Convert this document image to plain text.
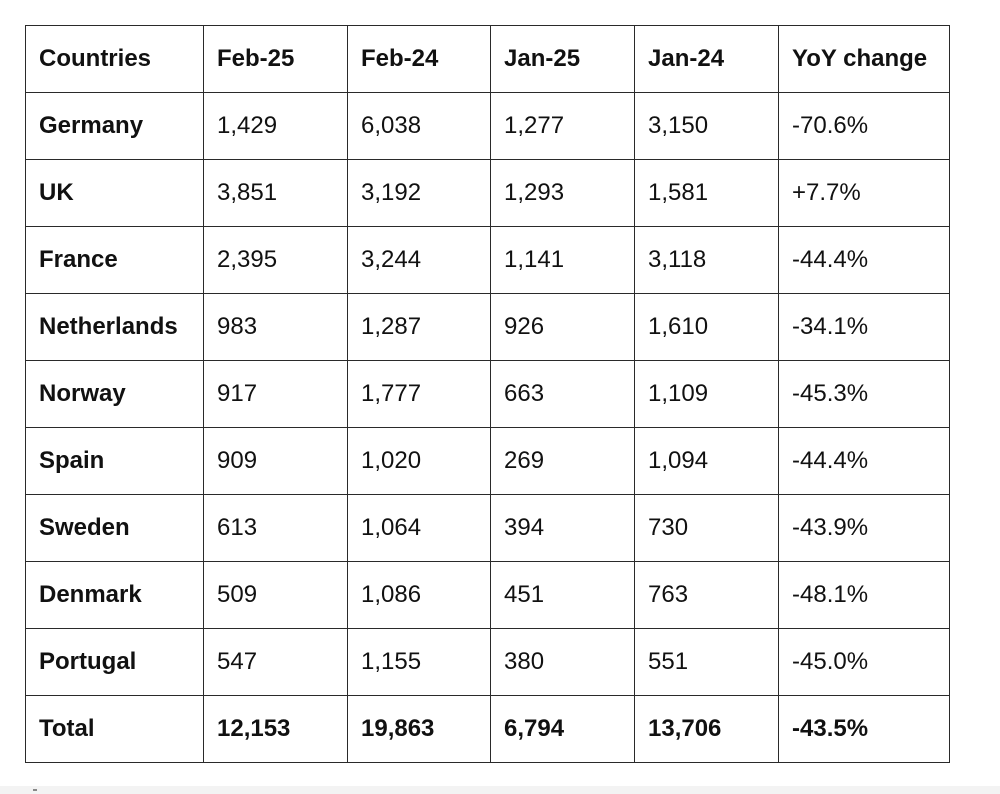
Countries	Feb-25	Feb-24	Jan-25	Jan-24	YoY change
Germany	1,429	6,038	1,277	3,150	-70.6%
UK	3,851	3,192	1,293	1,581	+7.7%
France	2,395	3,244	1,141	3,118	-44.4%
Netherlands	983	1,287	926	1,610	-34.1%
Norway	917	1,777	663	1,109	-45.3%
Spain	909	1,020	269	1,094	-44.4%
Sweden	613	1,064	394	730	-43.9%
Denmark	509	1,086	451	763	-48.1%
Portugal	547	1,155	380	551	-45.0%
Total	12,153	19,863	6,794	13,706	-43.5%
